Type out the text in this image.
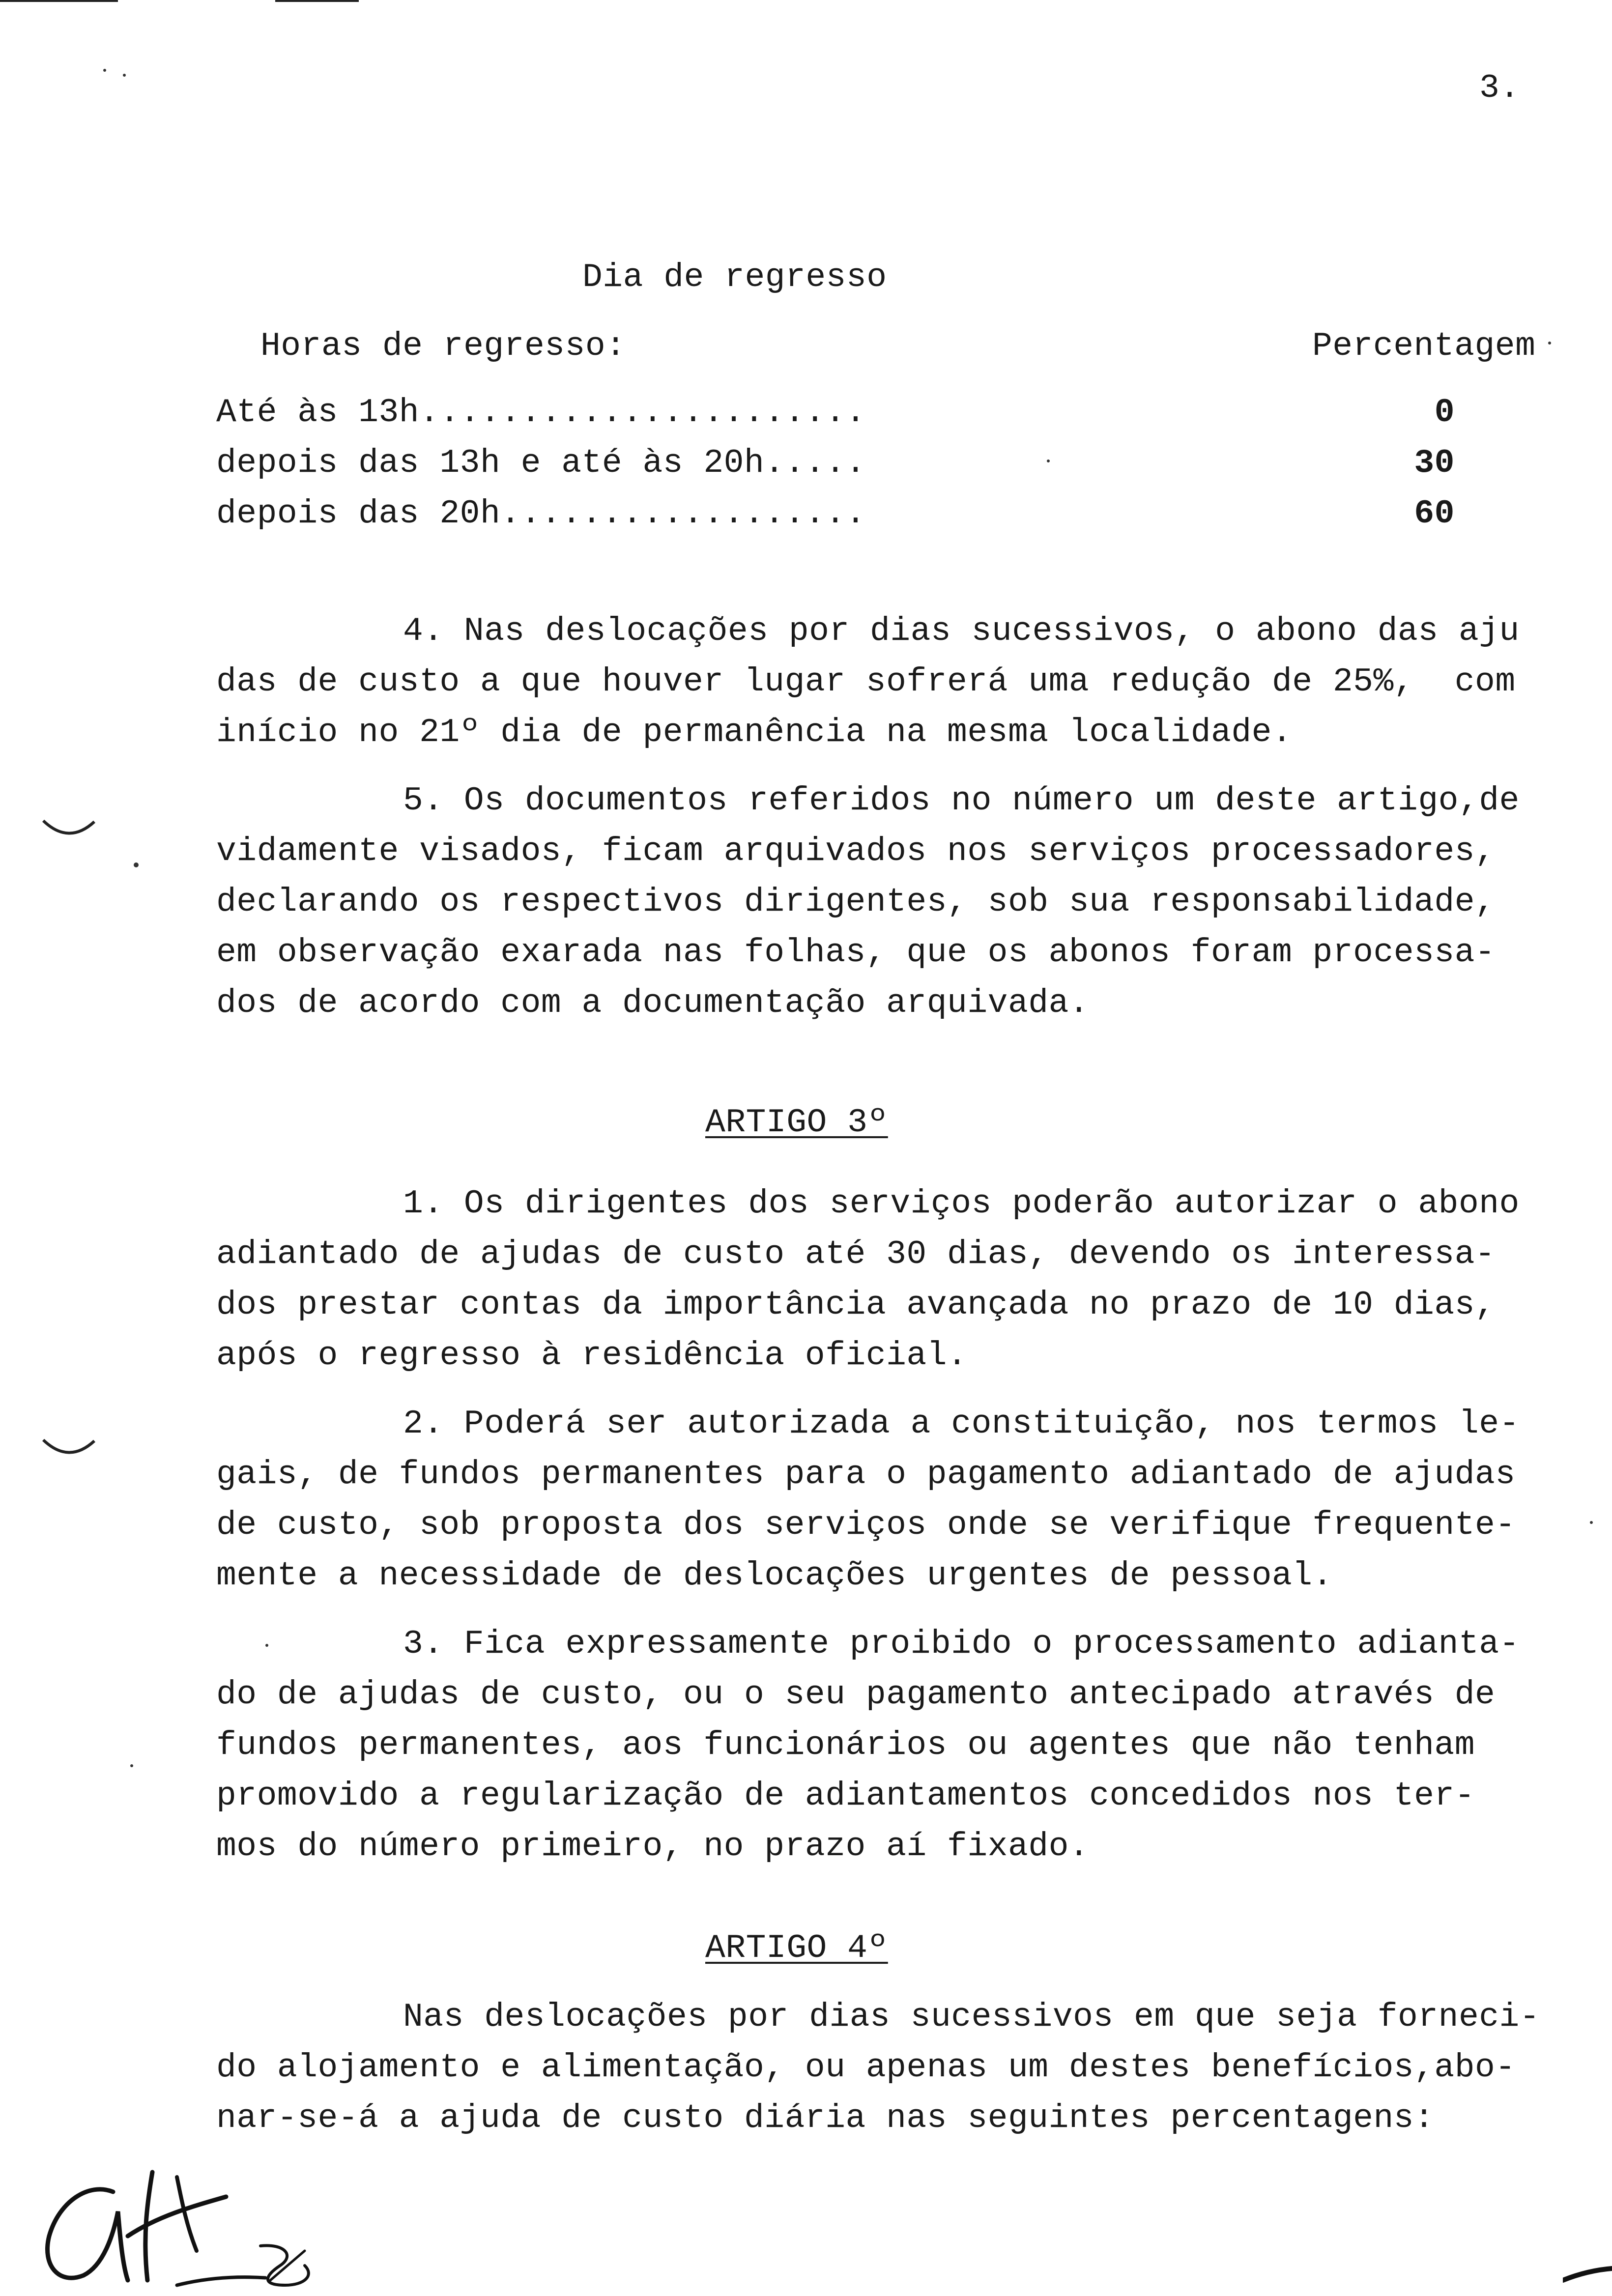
3.
Dia de regresso
Horas de regresso:	Percentagem
Até às 13h......................	0
depois das 13h e até às 20h.....	30
depois das 20h..................	60
4. Nas deslocações por dias sucessivos, o abono das aju
das de custo a que houver lugar sofrerá uma redução de 25%,  com
início no 21º dia de permanência na mesma localidade.
5. Os documentos referidos no número um deste artigo,de
vidamente visados, ficam arquivados nos serviços processadores,
declarando os respectivos dirigentes, sob sua responsabilidade,
em observação exarada nas folhas, que os abonos foram processa-
dos de acordo com a documentação arquivada.
ARTIGO 3º
1. Os dirigentes dos serviços poderão autorizar o abono
adiantado de ajudas de custo até 30 dias, devendo os interessa-
dos prestar contas da importância avançada no prazo de 10 dias,
após o regresso à residência oficial.
2. Poderá ser autorizada a constituição, nos termos le-
gais, de fundos permanentes para o pagamento adiantado de ajudas
de custo, sob proposta dos serviços onde se verifique frequente-
mente a necessidade de deslocações urgentes de pessoal.
3. Fica expressamente proibido o processamento adianta-
do de ajudas de custo, ou o seu pagamento antecipado através de
fundos permanentes, aos funcionários ou agentes que não tenham
promovido a regularização de adiantamentos concedidos nos ter-
mos do número primeiro, no prazo aí fixado.
ARTIGO 4º
Nas deslocações por dias sucessivos em que seja forneci-
do alojamento e alimentação, ou apenas um destes benefícios,abo-
nar-se-á a ajuda de custo diária nas seguintes percentagens:
